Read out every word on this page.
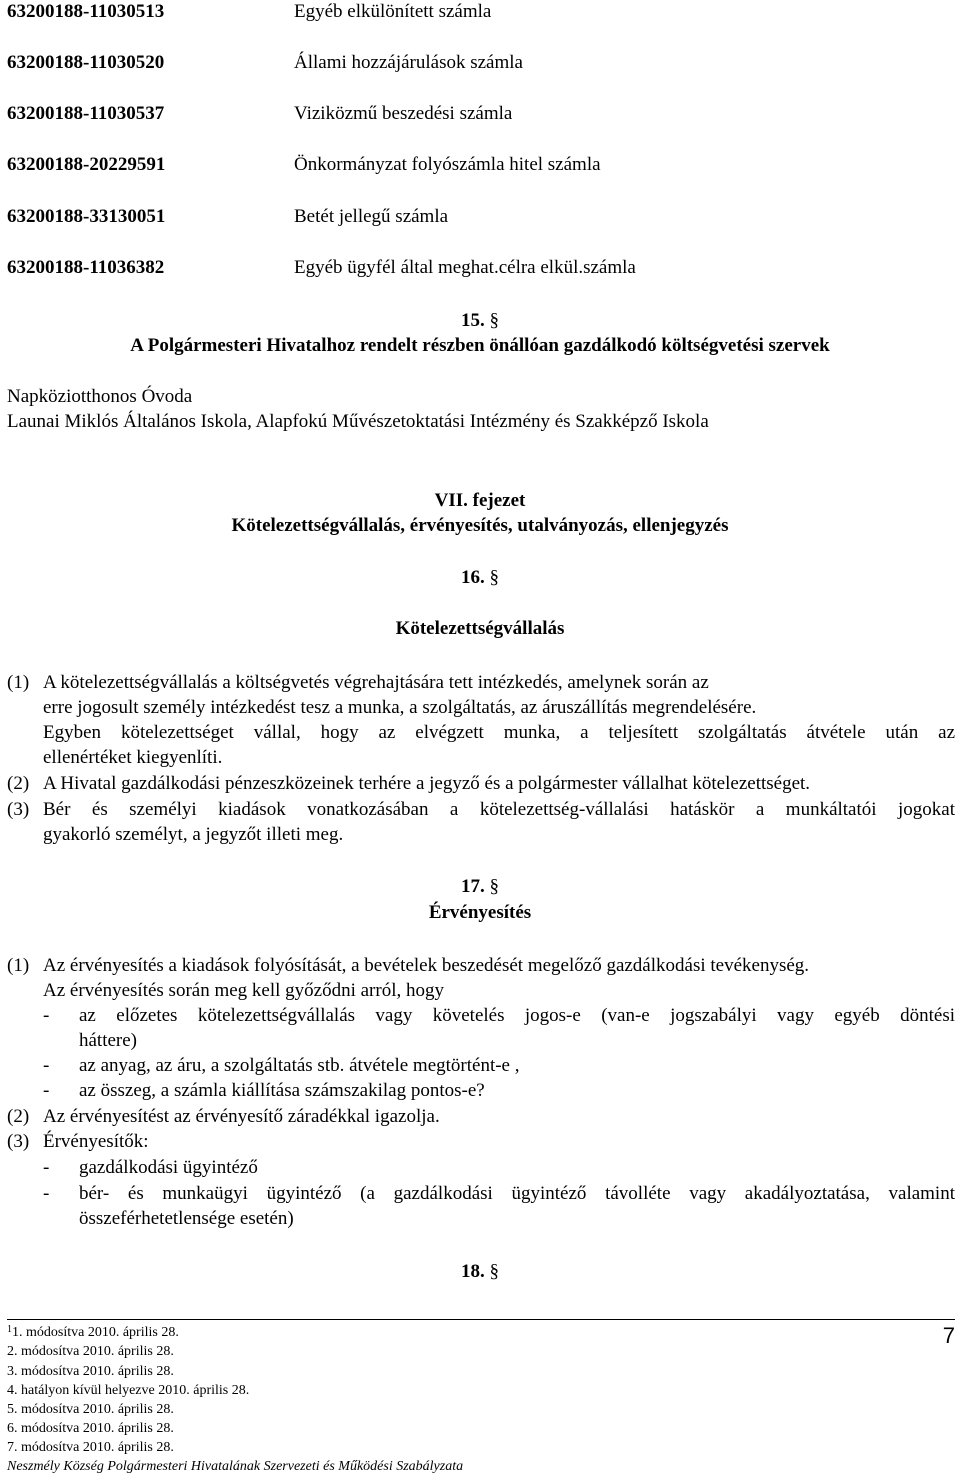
63200188-11030513	Egyéb elkülönített számla
63200188-11030520	Állami hozzájárulások számla
63200188-11030537	Viziközmű beszedési számla
63200188-20229591	Önkormányzat folyószámla hitel számla
63200188-33130051	Betét jellegű számla
63200188-11036382	Egyéb ügyfél által meghat.célra elkül.számla
15. §
A Polgármesteri Hivatalhoz rendelt részben önállóan gazdálkodó költségvetési szervek
Napköziotthonos Óvoda
Launai Miklós Általános Iskola, Alapfokú Művészetoktatási Intézmény és Szakképző Iskola
VII. fejezet
Kötelezettségvállalás, érvényesítés, utalványozás, ellenjegyzés
16. §
Kötelezettségvállalás
(1) A kötelezettségvállalás a költségvetés végrehajtására tett intézkedés, amelynek során az
erre jogosult személy intézkedést tesz a munka, a szolgáltatás, az áruszállítás megrendelésére.
Egyben kötelezettséget vállal, hogy az elvégzett munka, a teljesített szolgáltatás átvétele után az
ellenértéket kiegyenlíti.
(2) A Hivatal gazdálkodási pénzeszközeinek terhére a jegyző és a polgármester vállalhat kötelezettséget.
(3) Bér és személyi kiadások vonatkozásában a kötelezettség-vállalási hatáskör a munkáltatói jogokat
gyakorló személyt, a jegyzőt illeti meg.
17. §
Érvényesítés
(1) Az érvényesítés a kiadások folyósítását, a bevételek beszedését megelőző gazdálkodási tevékenység.
Az érvényesítés során meg kell győződni arról, hogy
- az előzetes kötelezettségvállalás vagy követelés jogos-e (van-e jogszabályi vagy egyéb döntési
háttere)
- az anyag, az áru, a szolgáltatás stb. átvétele megtörtént-e ,
- az összeg, a számla kiállítása számszakilag pontos-e?
(2) Az érvényesítést az érvényesítő záradékkal igazolja.
(3) Érvényesítők:
- gazdálkodási ügyintéző
- bér- és munkaügyi ügyintéző (a gazdálkodási ügyintéző távolléte vagy akadályoztatása, valamint
összeférhetetlensége esetén)
18. §
$^1$1. módosítva 2010. április 28.
2. módosítva 2010. április 28.
3. módosítva 2010. április 28.
4. hatályon kívül helyezve 2010. április 28.
5. módosítva 2010. április 28.
6. módosítva 2010. április 28.
7. módosítva 2010. április 28.
7
Neszmély Község Polgármesteri Hivatalának Szervezeti és Működési Szabályzata
